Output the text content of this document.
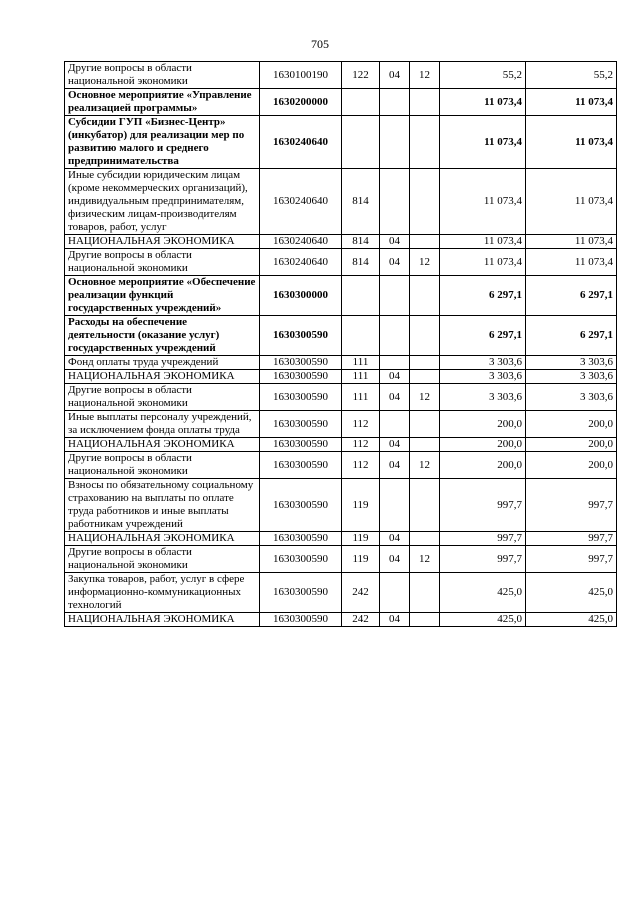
705
Другие вопросы в области национальной экономики	1630100190	122	04	12	55,2	55,2
Основное мероприятие «Управление реализацией программы»	1630200000				11 073,4	11 073,4
Субсидии ГУП «Бизнес-Центр» (инкубатор) для реализации мер по развитию малого и среднего предпринимательства	1630240640				11 073,4	11 073,4
Иные субсидии юридическим лицам (кроме некоммерческих организаций), индивидуальным предпринимателям, физическим лицам-производителям товаров, работ, услуг	1630240640	814			11 073,4	11 073,4
НАЦИОНАЛЬНАЯ ЭКОНОМИКА	1630240640	814	04		11 073,4	11 073,4
Другие вопросы в области национальной экономики	1630240640	814	04	12	11 073,4	11 073,4
Основное мероприятие «Обеспечение реализации функций государственных учреждений»	1630300000				6 297,1	6 297,1
Расходы на обеспечение деятельности (оказание услуг) государственных учреждений	1630300590				6 297,1	6 297,1
Фонд оплаты труда учреждений	1630300590	111			3 303,6	3 303,6
НАЦИОНАЛЬНАЯ ЭКОНОМИКА	1630300590	111	04		3 303,6	3 303,6
Другие вопросы в области национальной экономики	1630300590	111	04	12	3 303,6	3 303,6
Иные выплаты персоналу учреждений, за исключением фонда оплаты труда	1630300590	112			200,0	200,0
НАЦИОНАЛЬНАЯ ЭКОНОМИКА	1630300590	112	04		200,0	200,0
Другие вопросы в области национальной экономики	1630300590	112	04	12	200,0	200,0
Взносы по обязательному социальному страхованию на выплаты по оплате труда работников и иные выплаты работникам учреждений	1630300590	119			997,7	997,7
НАЦИОНАЛЬНАЯ ЭКОНОМИКА	1630300590	119	04		997,7	997,7
Другие вопросы в области национальной экономики	1630300590	119	04	12	997,7	997,7
Закупка товаров, работ, услуг в сфере информационно-коммуникационных технологий	1630300590	242			425,0	425,0
НАЦИОНАЛЬНАЯ ЭКОНОМИКА	1630300590	242	04		425,0	425,0
